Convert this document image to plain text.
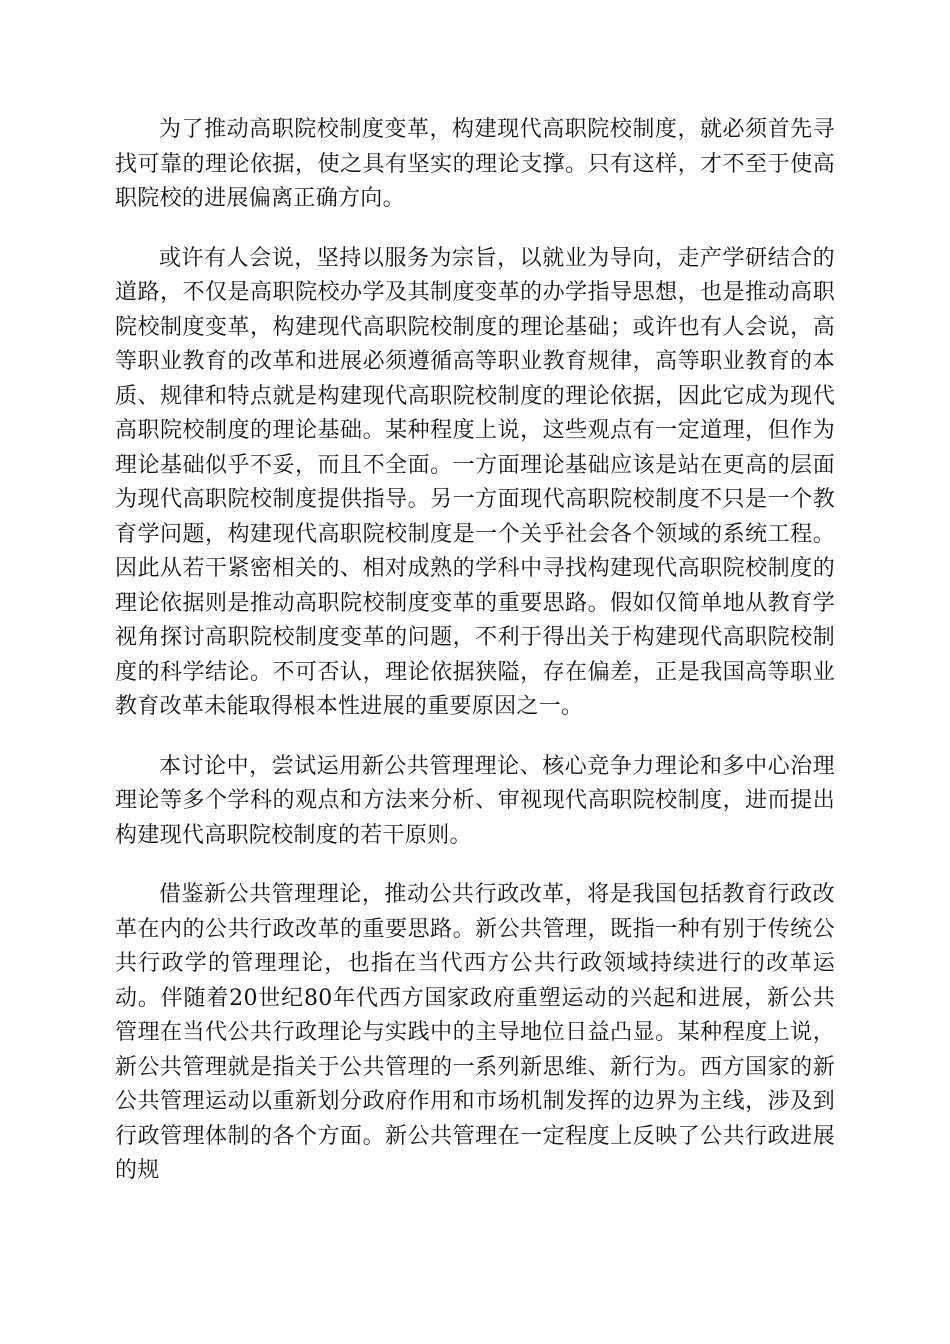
为了推动高职院校制度变革，构建现代高职院校制度，就必须首先寻找可靠的理论依据，使之具有坚实的理论支撑。只有这样，才不至于使高职院校的进展偏离正确方向。

或许有人会说，坚持以服务为宗旨，以就业为导向，走产学研结合的道路，不仅是高职院校办学及其制度变革的办学指导思想，也是推动高职院校制度变革，构建现代高职院校制度的理论基础；或许也有人会说，高等职业教育的改革和进展必须遵循高等职业教育规律，高等职业教育的本质、规律和特点就是构建现代高职院校制度的理论依据，因此它成为现代高职院校制度的理论基础。某种程度上说，这些观点有一定道理，但作为理论基础似乎不妥，而且不全面。一方面理论基础应该是站在更高的层面为现代高职院校制度提供指导。另一方面现代高职院校制度不只是一个教育学问题，构建现代高职院校制度是一个关乎社会各个领域的系统工程。因此从若干紧密相关的、相对成熟的学科中寻找构建现代高职院校制度的理论依据则是推动高职院校制度变革的重要思路。假如仅简单地从教育学视角探讨高职院校制度变革的问题，不利于得出关于构建现代高职院校制度的科学结论。不可否认，理论依据狭隘，存在偏差，正是我国高等职业教育改革未能取得根本性进展的重要原因之一。

本讨论中，尝试运用新公共管理理论、核心竞争力理论和多中心治理理论等多个学科的观点和方法来分析、审视现代高职院校制度，进而提出构建现代高职院校制度的若干原则。

借鉴新公共管理理论，推动公共行政改革，将是我国包括教育行政改革在内的公共行政改革的重要思路。新公共管理，既指一种有别于传统公共行政学的管理理论，也指在当代西方公共行政领域持续进行的改革运动。伴随着20世纪80年代西方国家政府重塑运动的兴起和进展，新公共管理在当代公共行政理论与实践中的主导地位日益凸显。某种程度上说，新公共管理就是指关于公共管理的一系列新思维、新行为。西方国家的新公共管理运动以重新划分政府作用和市场机制发挥的边界为主线，涉及到行政管理体制的各个方面。新公共管理在一定程度上反映了公共行政进展的规
